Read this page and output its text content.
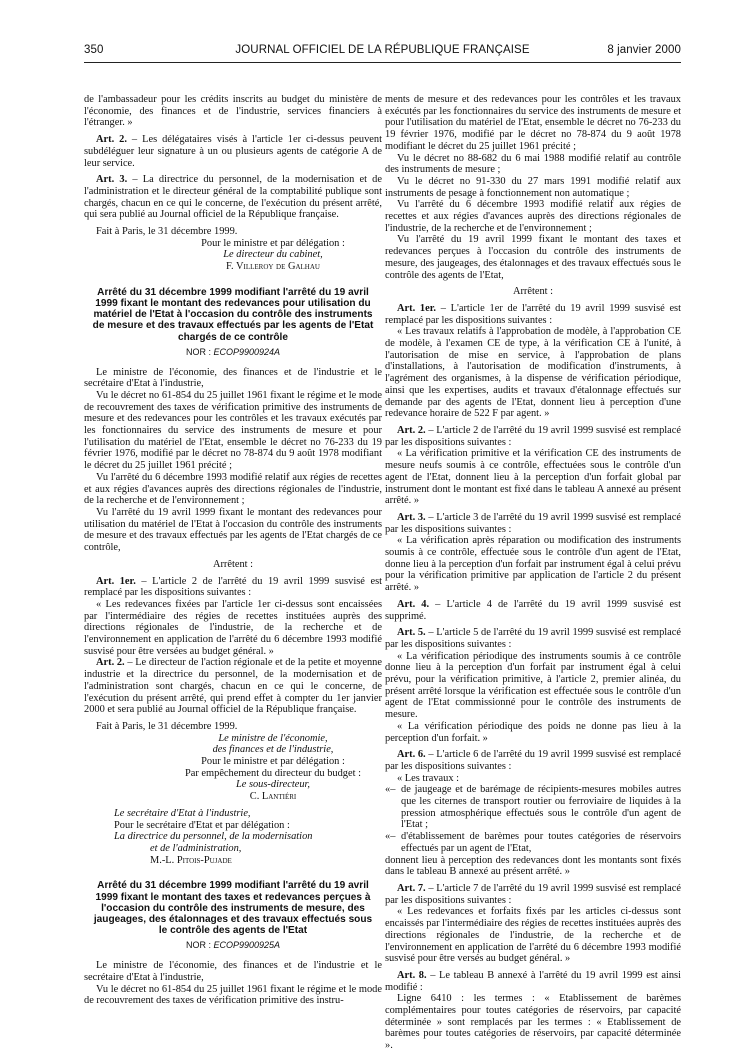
350	JOURNAL OFFICIEL DE LA RÉPUBLIQUE FRANÇAISE	8 janvier 2000

de l'ambassadeur pour les crédits inscrits au budget du ministère de l'économie, des finances et de l'industrie, services financiers à l'étranger. »

Art. 2. – Les délégataires visés à l'article 1er ci-dessus peuvent subdéléguer leur signature à un ou plusieurs agents de catégorie A de leur service.

Art. 3. – La directrice du personnel, de la modernisation et de l'administration et le directeur général de la comptabilité publique sont chargés, chacun en ce qui le concerne, de l'exécution du présent arrêté, qui sera publié au Journal officiel de la République française.

Fait à Paris, le 31 décembre 1999.

Pour le ministre et par délégation :

Le directeur du cabinet,

F. Villeroy de Galhau

Arrêté du 31 décembre 1999 modifiant l'arrêté du 19 avril 1999 fixant le montant des redevances pour utilisation du matériel de l'Etat à l'occasion du contrôle des instruments de mesure et des travaux effectués par les agents de l'Etat chargés de ce contrôle

NOR : ECOP9900924A

Le ministre de l'économie, des finances et de l'industrie et le secrétaire d'Etat à l'industrie,

Vu le décret no 61-854 du 25 juillet 1961 fixant le régime et le mode de recouvrement des taxes de vérification primitive des instruments de mesure et des redevances pour les contrôles et les travaux exécutés par les fonctionnaires du service des instruments de mesure et pour l'utilisation du matériel de l'Etat, ensemble le décret no 76-233 du 19 février 1976, modifié par le décret no 78-874 du 9 août 1978 modifiant le décret du 25 juillet 1961 précité ;

Vu l'arrêté du 6 décembre 1993 modifié relatif aux régies de recettes et aux régies d'avances auprès des directions régionales de l'industrie, de la recherche et de l'environnement ;

Vu l'arrêté du 19 avril 1999 fixant le montant des redevances pour utilisation du matériel de l'Etat à l'occasion du contrôle des instruments de mesure et des travaux effectués par les agents de l'Etat chargés de ce contrôle,

Arrêtent :

Art. 1er. – L'article 2 de l'arrêté du 19 avril 1999 susvisé est remplacé par les dispositions suivantes :

« Les redevances fixées par l'article 1er ci-dessus sont encaissées par l'intermédiaire des régies de recettes instituées auprès des directions régionales de l'industrie, de la recherche et de l'environnement en application de l'arrêté du 6 décembre 1993 modifié susvisé pour être versées au budget général. »

Art. 2. – Le directeur de l'action régionale et de la petite et moyenne industrie et la directrice du personnel, de la modernisation et de l'administration sont chargés, chacun en ce qui le concerne, de l'exécution du présent arrêté, qui prend effet à compter du 1er janvier 2000 et sera publié au Journal officiel de la République française.

Fait à Paris, le 31 décembre 1999.

Le ministre de l'économie,

des finances et de l'industrie,

Pour le ministre et par délégation :

Par empêchement du directeur du budget :

Le sous-directeur,

C. Lantiéri

Le secrétaire d'Etat à l'industrie,

Pour le secrétaire d'Etat et par délégation :

La directrice du personnel, de la modernisation

et de l'administration,

M.-L. Pitois-Pujade

Arrêté du 31 décembre 1999 modifiant l'arrêté du 19 avril 1999 fixant le montant des taxes et redevances perçues à l'occasion du contrôle des instruments de mesure, des jaugeages, des étalonnages et des travaux effectués sous le contrôle des agents de l'Etat

NOR : ECOP9900925A

Le ministre de l'économie, des finances et de l'industrie et le secrétaire d'Etat à l'industrie,

Vu le décret no 61-854 du 25 juillet 1961 fixant le régime et le mode de recouvrement des taxes de vérification primitive des instru-

ments de mesure et des redevances pour les contrôles et les travaux exécutés par les fonctionnaires du service des instruments de mesure et pour l'utilisation du matériel de l'Etat, ensemble le décret no 76-233 du 19 février 1976, modifié par le décret no 78-874 du 9 août 1978 modifiant le décret du 25 juillet 1961 précité ;

Vu le décret no 88-682 du 6 mai 1988 modifié relatif au contrôle des instruments de mesure ;

Vu le décret no 91-330 du 27 mars 1991 modifié relatif aux instruments de pesage à fonctionnement non automatique ;

Vu l'arrêté du 6 décembre 1993 modifié relatif aux régies de recettes et aux régies d'avances auprès des directions régionales de l'industrie, de la recherche et de l'environnement ;

Vu l'arrêté du 19 avril 1999 fixant le montant des taxes et redevances perçues à l'occasion du contrôle des instruments de mesure, des jaugeages, des étalonnages et des travaux effectués sous le contrôle des agents de l'Etat,

Arrêtent :

Art. 1er. – L'article 1er de l'arrêté du 19 avril 1999 susvisé est remplacé par les dispositions suivantes :

« Les travaux relatifs à l'approbation de modèle, à l'approbation CE de modèle, à l'examen CE de type, à la vérification CE à l'unité, à l'autorisation de mise en service, à l'approbation de plans d'installations, à l'autorisation de modification d'instruments, à l'agrément des organismes, à la dispense de vérification périodique, ainsi que les expertises, audits et travaux d'étalonnage effectués sur demande par des agents de l'Etat, donnent lieu à perception d'une redevance horaire de 522 F par agent. »

Art. 2. – L'article 2 de l'arrêté du 19 avril 1999 susvisé est remplacé par les dispositions suivantes :

« La vérification primitive et la vérification CE des instruments de mesure neufs soumis à ce contrôle, effectuées sous le contrôle d'un agent de l'Etat, donnent lieu à la perception d'un forfait global par instrument dont le montant est fixé dans le tableau A annexé au présent arrêté. »

Art. 3. – L'article 3 de l'arrêté du 19 avril 1999 susvisé est remplacé par les dispositions suivantes :

« La vérification après réparation ou modification des instruments soumis à ce contrôle, effectuée sous le contrôle d'un agent de l'Etat, donne lieu à la perception d'un forfait par instrument égal à celui prévu pour la vérification primitive par application de l'article 2 du présent arrêté. »

Art. 4. – L'article 4 de l'arrêté du 19 avril 1999 susvisé est supprimé.

Art. 5. – L'article 5 de l'arrêté du 19 avril 1999 susvisé est remplacé par les dispositions suivantes :

« La vérification périodique des instruments soumis à ce contrôle donne lieu à la perception d'un forfait par instrument égal à celui prévu, pour la vérification primitive, à l'article 2, premier alinéa, du présent arrêté lorsque la vérification est effectuée sous le contrôle d'un agent de l'Etat commissionné pour le contrôle des instruments de mesure.

« La vérification périodique des poids ne donne pas lieu à la perception d'un forfait. »

Art. 6. – L'article 6 de l'arrêté du 19 avril 1999 susvisé est remplacé par les dispositions suivantes :

« Les travaux :

«– de jaugeage et de barémage de récipients-mesures mobiles autres que les citernes de transport routier ou ferroviaire de liquides à la pression atmosphérique effectués sous le contrôle d'un agent de l'Etat ;
«– d'établissement de barèmes pour toutes catégories de réservoirs effectués par un agent de l'Etat,

donnent lieu à perception des redevances dont les montants sont fixés dans le tableau B annexé au présent arrêté. »

Art. 7. – L'article 7 de l'arrêté du 19 avril 1999 susvisé est remplacé par les dispositions suivantes :

« Les redevances et forfaits fixés par les articles ci-dessus sont encaissés par l'intermédiaire des régies de recettes instituées auprès des directions régionales de l'industrie, de la recherche et de l'environnement en application de l'arrêté du 6 décembre 1993 modifié susvisé pour être versés au budget général. »

Art. 8. – Le tableau B annexé à l'arrêté du 19 avril 1999 est ainsi modifié :

Ligne 6410 : les termes : « Etablissement de barèmes complémentaires pour toutes catégories de réservoirs, par capacité déterminée » sont remplacés par les termes : « Etablissement de barèmes pour toutes catégories de réservoirs, par capacité déterminée ».
